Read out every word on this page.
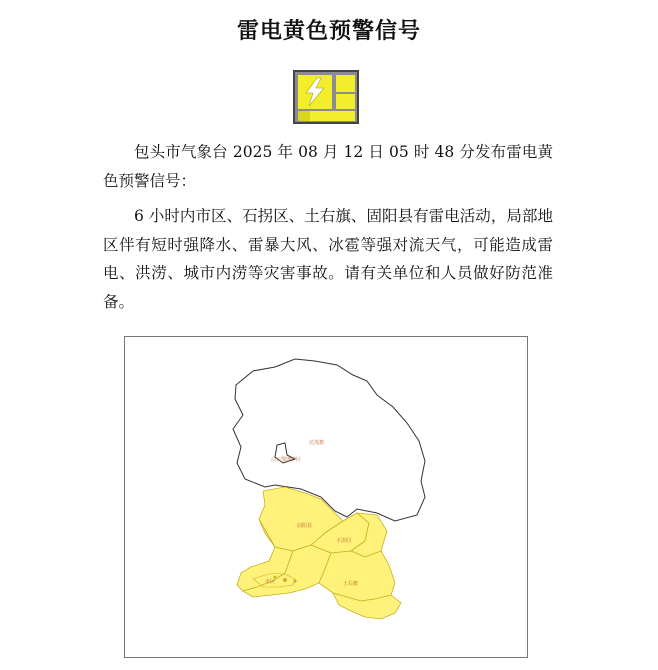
雷电黄色预警信号
包头市气象台 2025 年 08 月 12 日 05 时 48 分发布雷电黄色预警信号：
6 小时内市区、石拐区、土右旗、固阳县有雷电活动，局部地区伴有短时强降水、雷暴大风、冰雹等强对流天气，可能造成雷电、洪涝、城市内涝等灾害事故。请有关单位和人员做好防范准备。
达茂旗
白云鄂博矿区
固阳县
石拐区
市区	土右旗
